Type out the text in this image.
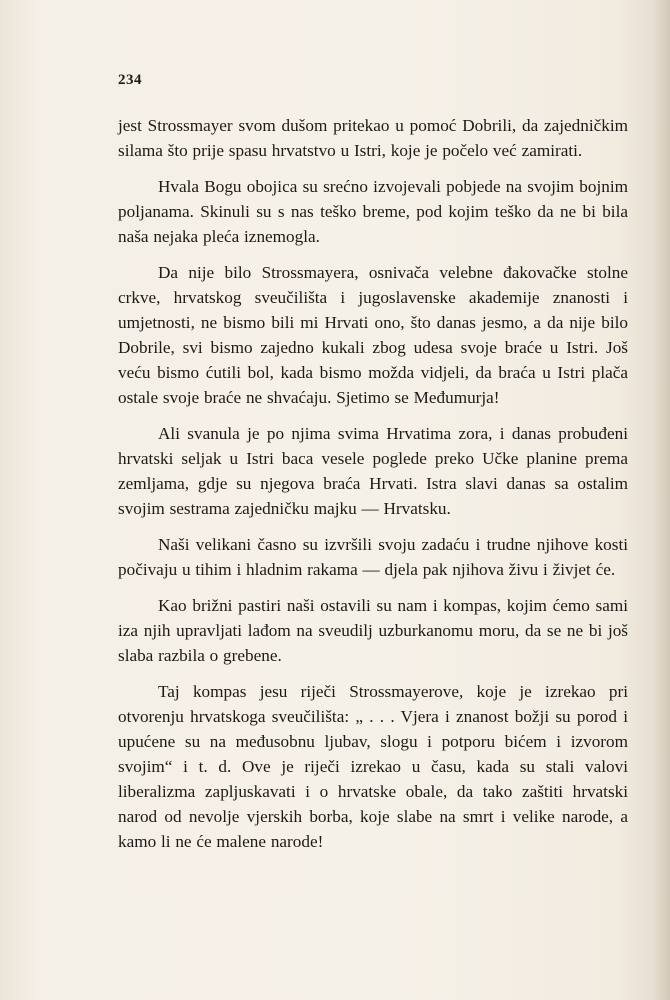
234

jest Strossmayer svom dušom pritekao u pomoć Dobrili, da zajedničkim silama što prije spasu hrvatstvo u Istri, koje je počelo već zamirati.

Hvala Bogu obojica su srećno izvojevali pobjede na svojim bojnim poljanama. Skinuli su s nas teško breme, pod kojim teško da ne bi bila naša nejaka pleća iznemogla.

Da nije bilo Strossmayera, osnivača velebne đakovačke stolne crkve, hrvatskog sveučilišta i jugoslavenske akademije znanosti i umjetnosti, ne bismo bili mi Hrvati ono, što danas jesmo, a da nije bilo Dobrile, svi bismo zajedno kukali zbog udesa svoje braće u Istri. Još veću bismo ćutili bol, kada bismo možda vidjeli, da braća u Istri plača ostale svoje braće ne shvaćaju. Sjetimo se Međumurja!

Ali svanula je po njima svima Hrvatima zora, i danas probuđeni hrvatski seljak u Istri baca vesele poglede preko Učke planine prema zemljama, gdje su njegova braća Hrvati. Istra slavi danas sa ostalim svojim sestrama zajedničku majku — Hrvatsku.

Naši velikani časno su izvršili svoju zadaću i trudne njihove kosti počivaju u tihim i hladnim rakama — djela pak njihova živu i živjet će.

Kao brižni pastiri naši ostavili su nam i kompas, kojim ćemo sami iza njih upravljati lađom na sveudilj uzburkanomu moru, da se ne bi još slaba razbila o grebene.

Taj kompas jesu riječi Strossmayerove, koje je izrekao pri otvorenju hrvatskoga sveučilišta: „ . . . Vjera i znanost božji su porod i upućene su na međusobnu ljubav, slogu i potporu bićem i izvorom svojim“ i t. d. Ove je riječi izrekao u času, kada su stali valovi liberalizma zapljuskavati i o hrvatske obale, da tako zaštiti hrvatski narod od nevolje vjerskih borba, koje slabe na smrt i velike narode, a kamo li ne će malene narode!
